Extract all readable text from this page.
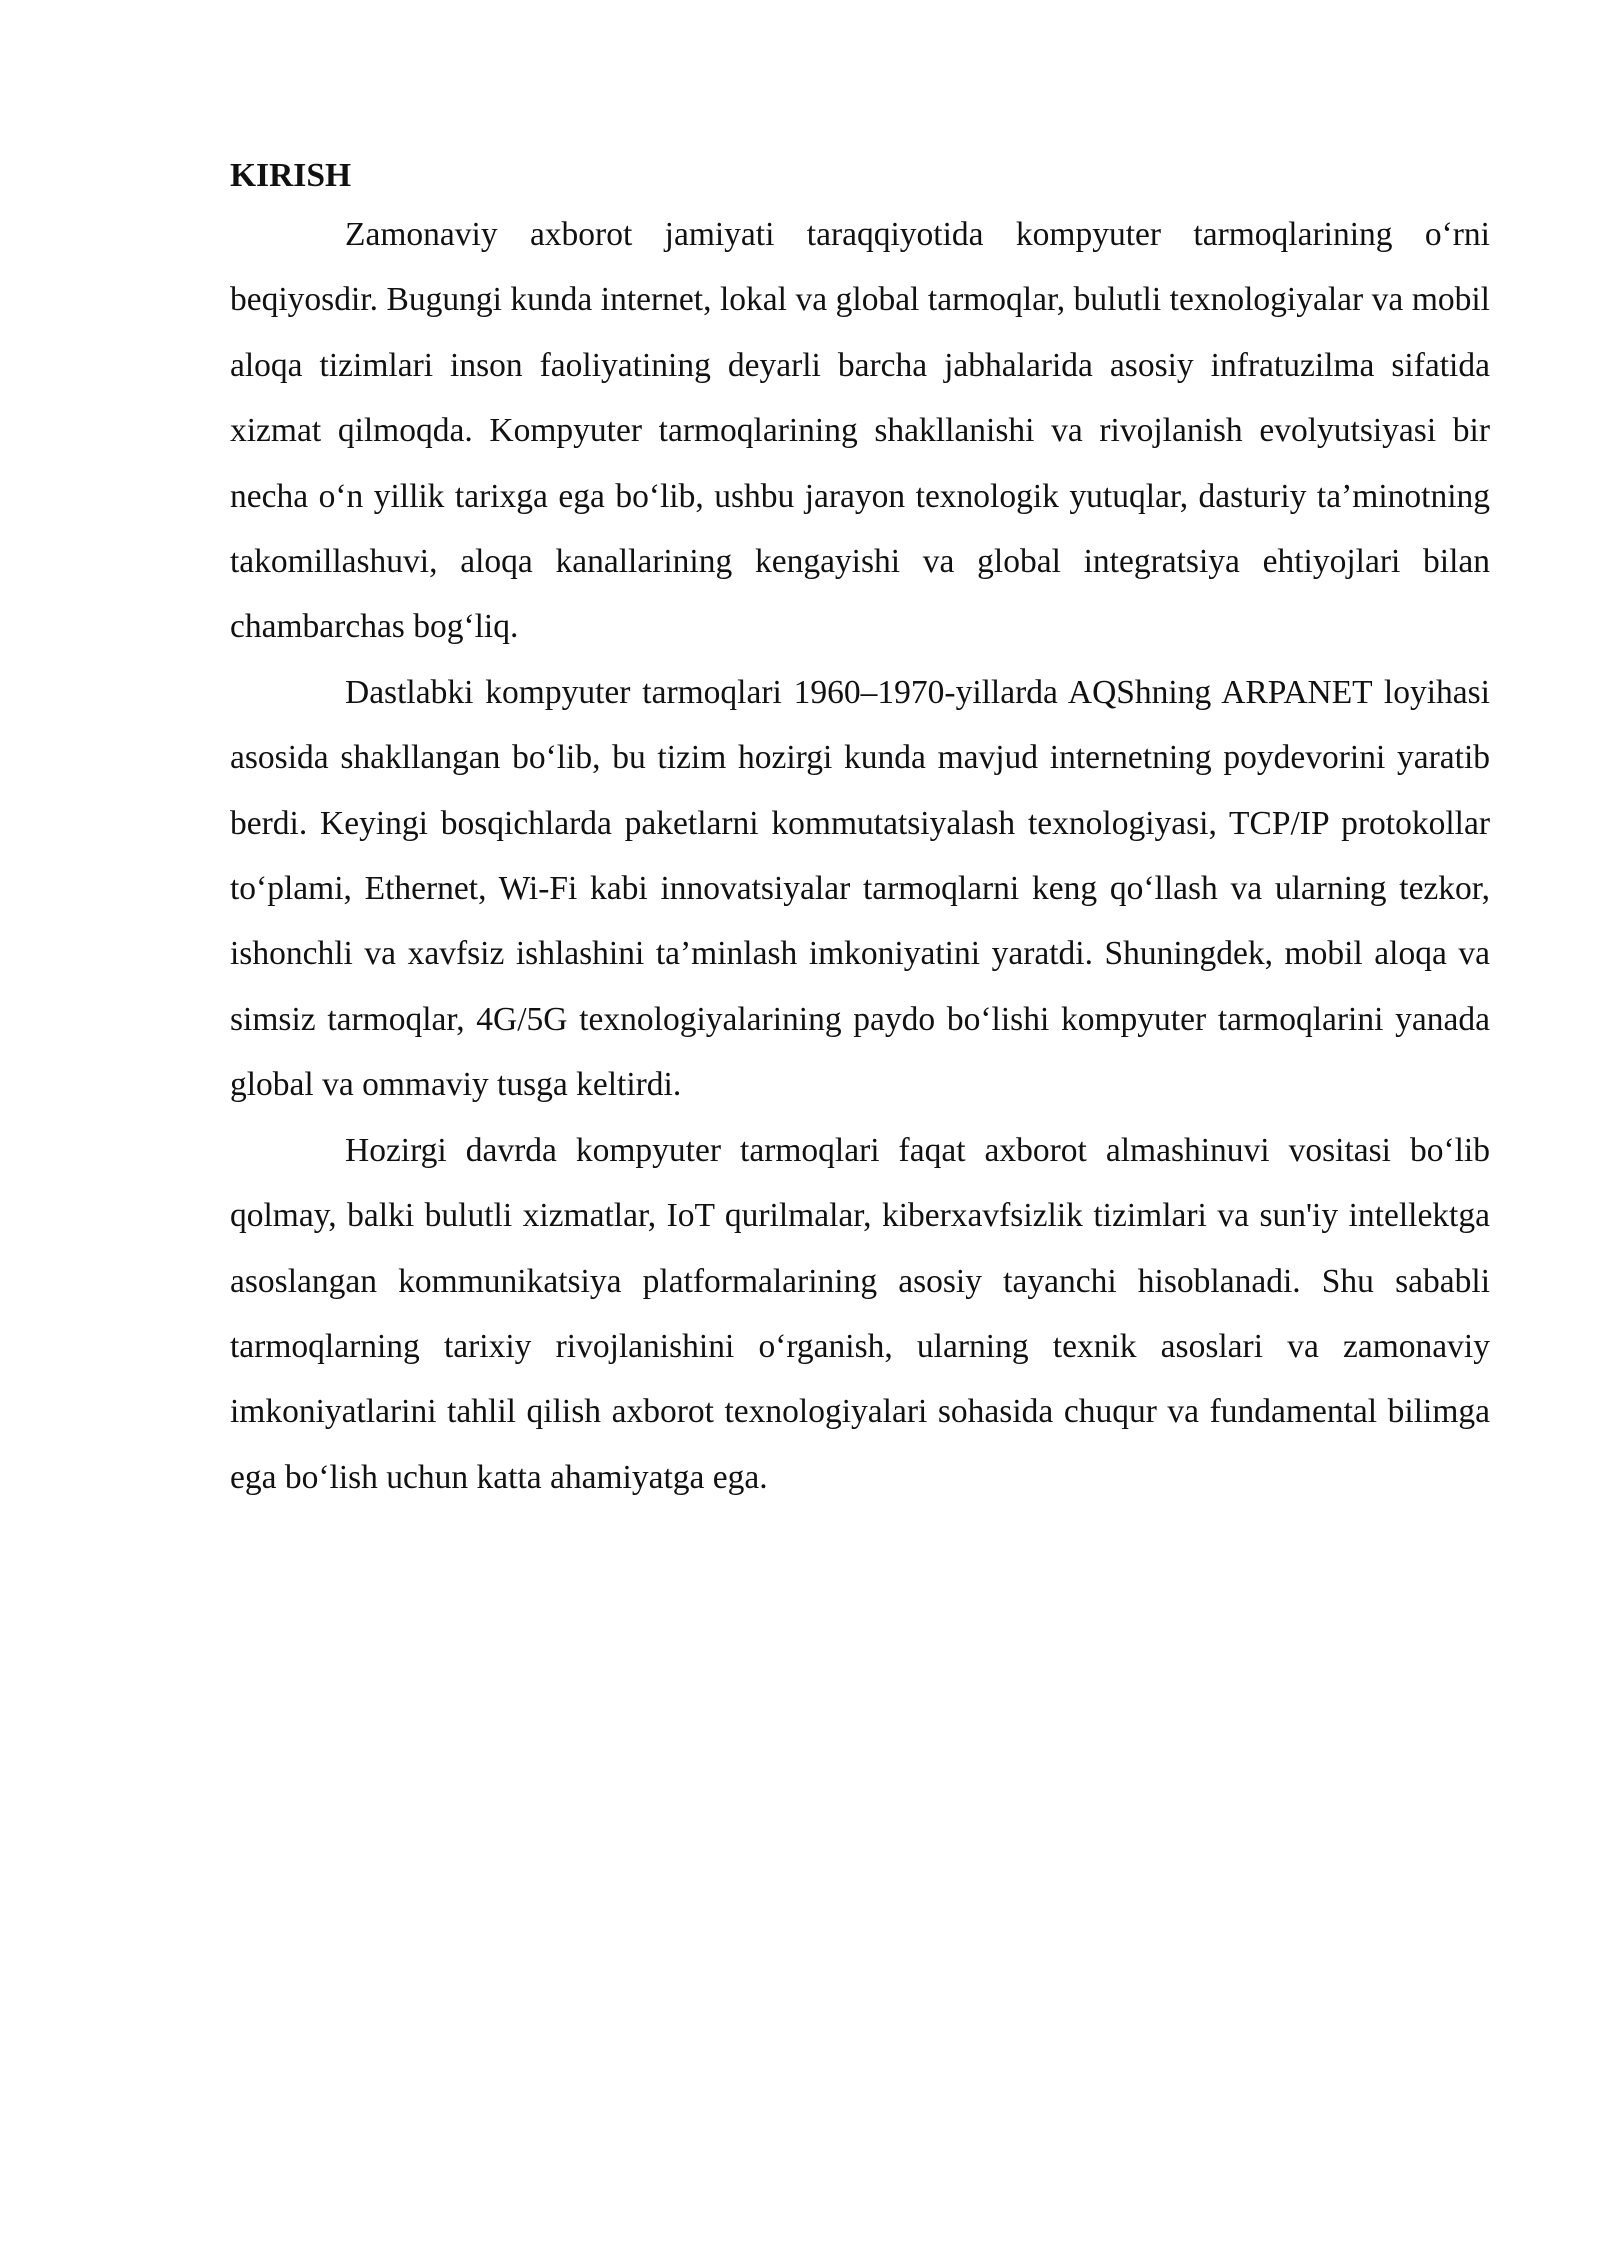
KIRISH

Zamonaviy axborot jamiyati taraqqiyotida kompyuter tarmoqlarining o‘rni beqiyosdir. Bugungi kunda internet, lokal va global tarmoqlar, bulutli texnologiyalar va mobil aloqa tizimlari inson faoliyatining deyarli barcha jabhalarida asosiy infratuzilma sifatida xizmat qilmoqda. Kompyuter tarmoqlarining shakllanishi va rivojlanish evolyutsiyasi bir necha o‘n yillik tarixga ega bo‘lib, ushbu jarayon texnologik yutuqlar, dasturiy ta’minotning takomillashuvi, aloqa kanallarining kengayishi va global integratsiya ehtiyojlari bilan chambarchas bog‘liq.

Dastlabki kompyuter tarmoqlari 1960–1970-yillarda AQShning ARPANET loyihasi asosida shakllangan bo‘lib, bu tizim hozirgi kunda mavjud internetning poydevorini yaratib berdi. Keyingi bosqichlarda paketlarni kommutatsiyalash texnologiyasi, TCP/IP protokollar to‘plami, Ethernet, Wi-Fi kabi innovatsiyalar tarmoqlarni keng qo‘llash va ularning tezkor, ishonchli va xavfsiz ishlashini ta’minlash imkoniyatini yaratdi. Shuningdek, mobil aloqa va simsiz tarmoqlar, 4G/5G texnologiyalarining paydo bo‘lishi kompyuter tarmoqlarini yanada global va ommaviy tusga keltirdi.

Hozirgi davrda kompyuter tarmoqlari faqat axborot almashinuvi vositasi bo‘lib qolmay, balki bulutli xizmatlar, IoT qurilmalar, kiberxavfsizlik tizimlari va sun'iy intellektga asoslangan kommunikatsiya platformalarining asosiy tayanchi hisoblanadi. Shu sababli tarmoqlarning tarixiy rivojlanishini o‘rganish, ularning texnik asoslari va zamonaviy imkoniyatlarini tahlil qilish axborot texnologiyalari sohasida chuqur va fundamental bilimga ega bo‘lish uchun katta ahamiyatga ega.
